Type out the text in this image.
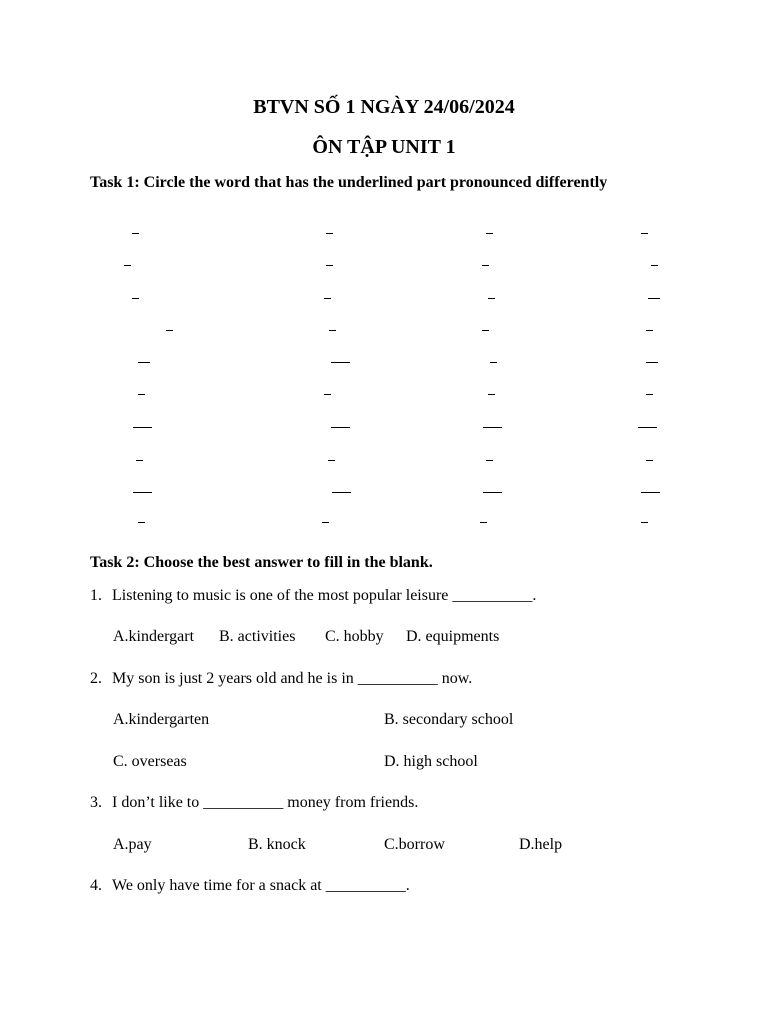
BTVN SỐ 1 NGÀY 24/06/2024
ÔN TẬP UNIT 1
Task 1: Circle the word that has the underlined part pronounced differently
Task 2: Choose the best answer to fill in the blank.
1. Listening to music is one of the most popular leisure __________.
A.kindergart B. activities C. hobby D. equipments
2. My son is just 2 years old and he is in __________ now.
A.kindergarten	B. secondary school
C. overseas	D. high school
3. I don’t like to __________ money from friends.
A.pay	B. knock	C.borrow	D.help
4. We only have time for a snack at __________.
